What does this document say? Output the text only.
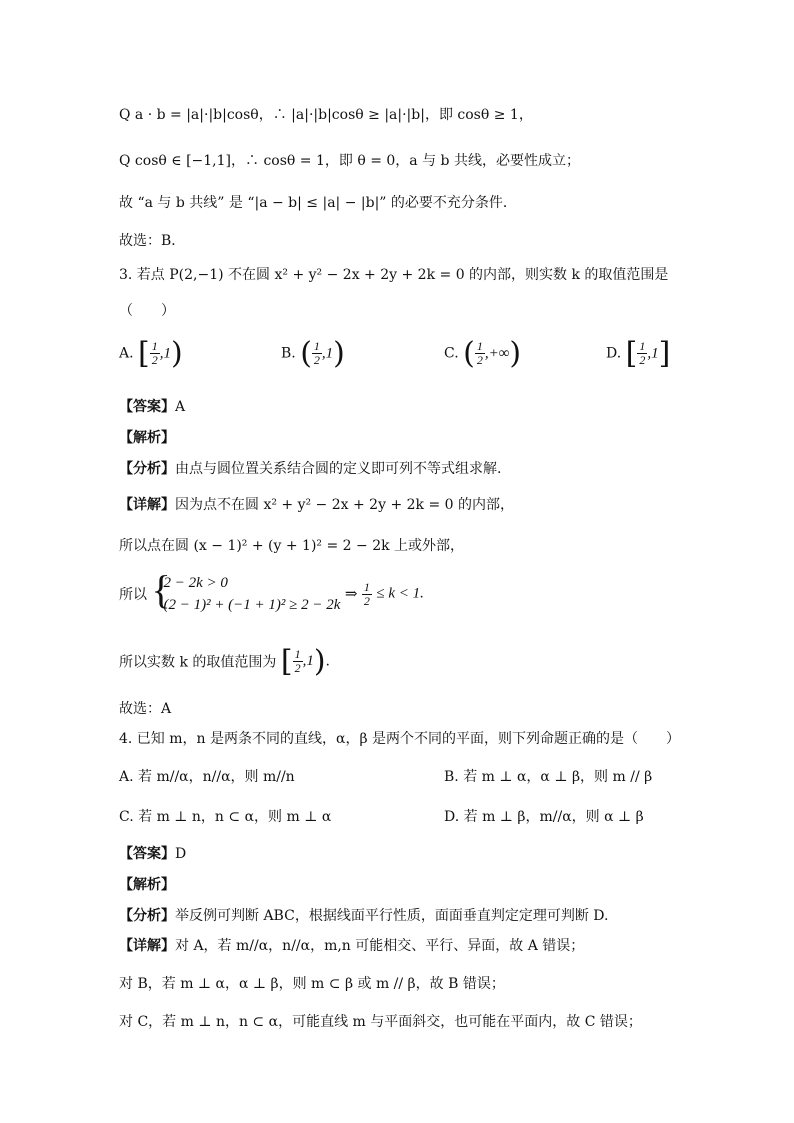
Q a · b = |a|·|b|cosθ，∴ |a|·|b|cosθ ≥ |a|·|b|，即 cosθ ≥ 1，
Q cosθ ∈ [−1,1]，∴ cosθ = 1，即 θ = 0，a 与 b 共线，必要性成立；
故 “a 与 b 共线” 是 “|a − b| ≤ |a| − |b|” 的必要不充分条件．
故选：B．
3. 若点 P(2,−1) 不在圆 x² + y² − 2x + 2y + 2k = 0 的内部，则实数 k 的取值范围是
（　　）
A. [ $\frac{1}{2} ,1$)	B. ( $\frac{1}{2} ,1$)	C. ( $\frac{1}{2}$ ,+∞)	D. [ $\frac{1}{2} ,1$]
【答案】A
【解析】
【分析】由点与圆位置关系结合圆的定义即可列不等式组求解.
【详解】因为点不在圆 x² + y² − 2x + 2y + 2k = 0 的内部，
所以点在圆 (x − 1)² + (y + 1)² = 2 − 2k 上或外部，
所以 {
2 − 2k > 0
(2 − 1)² + (−1 + 1)² ≥ 2 − 2k
⇒ $\frac{1}{2} \le k < 1$.
所以实数 k 的取值范围为 [ $\frac{1}{2} ,1$).
故选：A
4. 已知 m，n 是两条不同的直线，α，β 是两个不同的平面，则下列命题正确的是（　　）
A. 若 m//α，n//α，则 m//n	B. 若 m ⊥ α，α ⊥ β，则 m // β
C. 若 m ⊥ n，n ⊂ α，则 m ⊥ α	D. 若 m ⊥ β，m//α，则 α ⊥ β
【答案】D
【解析】
【分析】举反例可判断 ABC，根据线面平行性质，面面垂直判定定理可判断 D.
【详解】对 A，若 m//α，n//α，m,n 可能相交、平行、异面，故 A 错误；
对 B，若 m ⊥ α，α ⊥ β，则 m ⊂ β 或 m // β，故 B 错误；
对 C，若 m ⊥ n，n ⊂ α，可能直线 m 与平面斜交，也可能在平面内，故 C 错误；
